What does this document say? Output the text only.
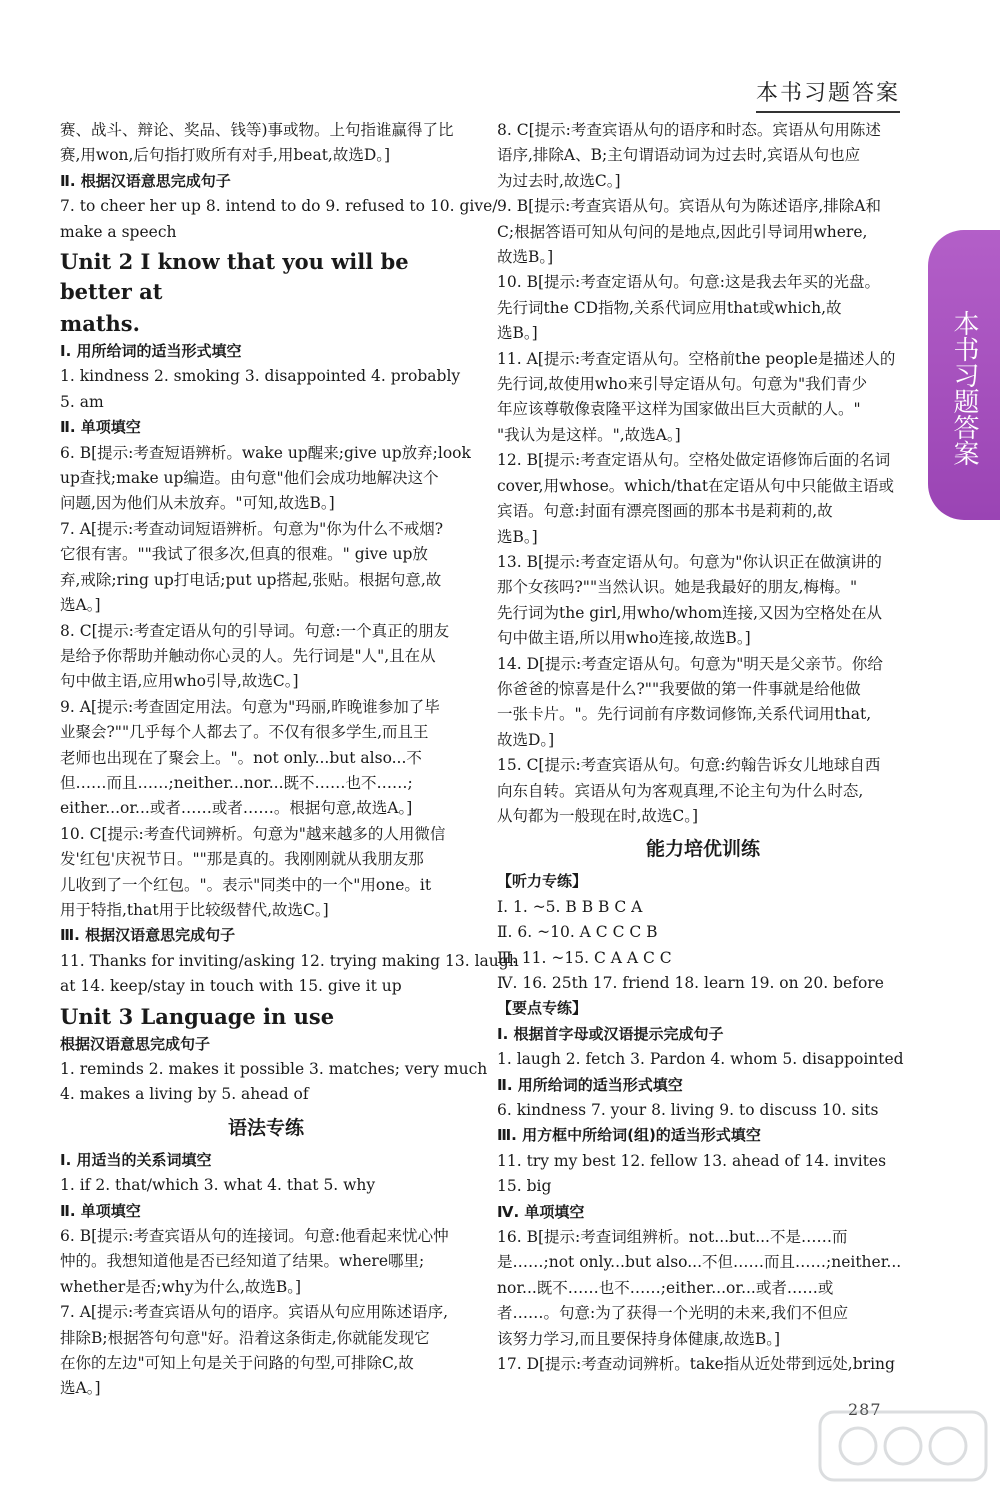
本书习题答案
本书习题答案
赛、战斗、辩论、奖品、钱等)事或物。上句指谁赢得了比
赛,用won,后句指打败所有对手,用beat,故选D。]
Ⅱ. 根据汉语意思完成句子
7. to cheer her up 8. intend to do 9. refused to 10. give/
make a speech
Unit 2 I know that you will be better at
maths.
Ⅰ. 用所给词的适当形式填空
1. kindness 2. smoking 3. disappointed 4. probably
5. am
Ⅱ. 单项填空
6. B[提示:考查短语辨析。wake up醒来;give up放弃;look
up查找;make up编造。由句意"他们会成功地解决这个
问题,因为他们从未放弃。"可知,故选B。]
7. A[提示:考查动词短语辨析。句意为"你为什么不戒烟?
它很有害。""我试了很多次,但真的很难。" give up放
弃,戒除;ring up打电话;put up搭起,张贴。根据句意,故
选A。]
8. C[提示:考查定语从句的引导词。句意:一个真正的朋友
是给予你帮助并触动你心灵的人。先行词是"人",且在从
句中做主语,应用who引导,故选C。]
9. A[提示:考查固定用法。句意为"玛丽,昨晚谁参加了毕
业聚会?""几乎每个人都去了。不仅有很多学生,而且王
老师也出现在了聚会上。"。not only...but also...不
但……而且……;neither...nor...既不……也不……;
either...or...或者……或者……。根据句意,故选A。]
10. C[提示:考查代词辨析。句意为"越来越多的人用微信
发'红包'庆祝节日。""那是真的。我刚刚就从我朋友那
儿收到了一个红包。"。表示"同类中的一个"用one。it
用于特指,that用于比较级替代,故选C。]
Ⅲ. 根据汉语意思完成句子
11. Thanks for inviting/asking 12. trying making 13. laugh
at 14. keep/stay in touch with 15. give it up
Unit 3 Language in use
根据汉语意思完成句子
1. reminds 2. makes it possible 3. matches; very much
4. makes a living by 5. ahead of
语法专练
Ⅰ. 用适当的关系词填空
1. if 2. that/which 3. what 4. that 5. why
Ⅱ. 单项填空
6. B[提示:考查宾语从句的连接词。句意:他看起来忧心忡
忡的。我想知道他是否已经知道了结果。where哪里;
whether是否;why为什么,故选B。]
7. A[提示:考查宾语从句的语序。宾语从句应用陈述语序,
排除B;根据答句句意"好。沿着这条街走,你就能发现它
在你的左边"可知上句是关于问路的句型,可排除C,故
选A。]
8. C[提示:考查宾语从句的语序和时态。宾语从句用陈述
语序,排除A、B;主句谓语动词为过去时,宾语从句也应
为过去时,故选C。]
9. B[提示:考查宾语从句。宾语从句为陈述语序,排除A和
C;根据答语可知从句问的是地点,因此引导词用where,
故选B。]
10. B[提示:考查定语从句。句意:这是我去年买的光盘。
先行词the CD指物,关系代词应用that或which,故
选B。]
11. A[提示:考查定语从句。空格前the people是描述人的
先行词,故使用who来引导定语从句。句意为"我们青少
年应该尊敬像袁隆平这样为国家做出巨大贡献的人。"
"我认为是这样。",故选A。]
12. B[提示:考查定语从句。空格处做定语修饰后面的名词
cover,用whose。which/that在定语从句中只能做主语或
宾语。句意:封面有漂亮图画的那本书是莉莉的,故
选B。]
13. B[提示:考查定语从句。句意为"你认识正在做演讲的
那个女孩吗?""当然认识。她是我最好的朋友,梅梅。"
先行词为the girl,用who/whom连接,又因为空格处在从
句中做主语,所以用who连接,故选B。]
14. D[提示:考查定语从句。句意为"明天是父亲节。你给
你爸爸的惊喜是什么?""我要做的第一件事就是给他做
一张卡片。"。先行词前有序数词修饰,关系代词用that,
故选D。]
15. C[提示:考查宾语从句。句意:约翰告诉女儿地球自西
向东自转。宾语从句为客观真理,不论主句为什么时态,
从句都为一般现在时,故选C。]
能力培优训练
【听力专练】
Ⅰ. 1. ~5. B B B C A
Ⅱ. 6. ~10. A C C C B
Ⅲ. 11. ~15. C A A C C
Ⅳ. 16. 25th 17. friend 18. learn 19. on 20. before
【要点专练】
Ⅰ. 根据首字母或汉语提示完成句子
1. laugh 2. fetch 3. Pardon 4. whom 5. disappointed
Ⅱ. 用所给词的适当形式填空
6. kindness 7. your 8. living 9. to discuss 10. sits
Ⅲ. 用方框中所给词(组)的适当形式填空
11. try my best 12. fellow 13. ahead of 14. invites
15. big
Ⅳ. 单项填空
16. B[提示:考查词组辨析。not...but...不是……而
是……;not only...but also...不但……而且……;neither...
nor...既不……也不……;either...or...或者……或
者……。句意:为了获得一个光明的未来,我们不但应
该努力学习,而且要保持身体健康,故选B。]
17. D[提示:考查动词辨析。take指从近处带到远处,bring
287
